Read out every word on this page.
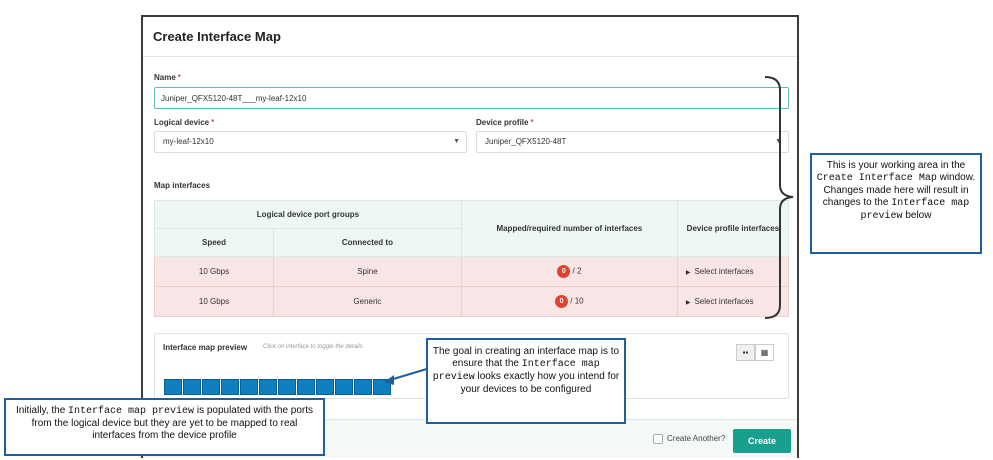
Create Interface Map
Name *
Juniper_QFX5120-48T___my-leaf-12x10
Logical device *
my-leaf-12x10	▼
Device profile *
Juniper_QFX5120-48T	▼
Map interfaces
Logical device port groups		Mapped/required number of interfaces	Device profile interfaces
Speed	Connected to		
10 Gbps	Spine	0 / 2	▶ Select interfaces
10 Gbps	Generic	0 / 10	▶ Select interfaces
Interface map preview	Click on interface to toggle the details
▪▪	▦
Create Another?	Create
This is your working area in the Create Interface Map window. Changes made here will result in changes to the Interface map preview below
The goal in creating an interface map is to ensure that the Interface map preview looks exactly how you intend for your devices to be configured
Initially, the Interface map preview is populated with the ports from the logical device but they are yet to be mapped to real interfaces from the device profile
